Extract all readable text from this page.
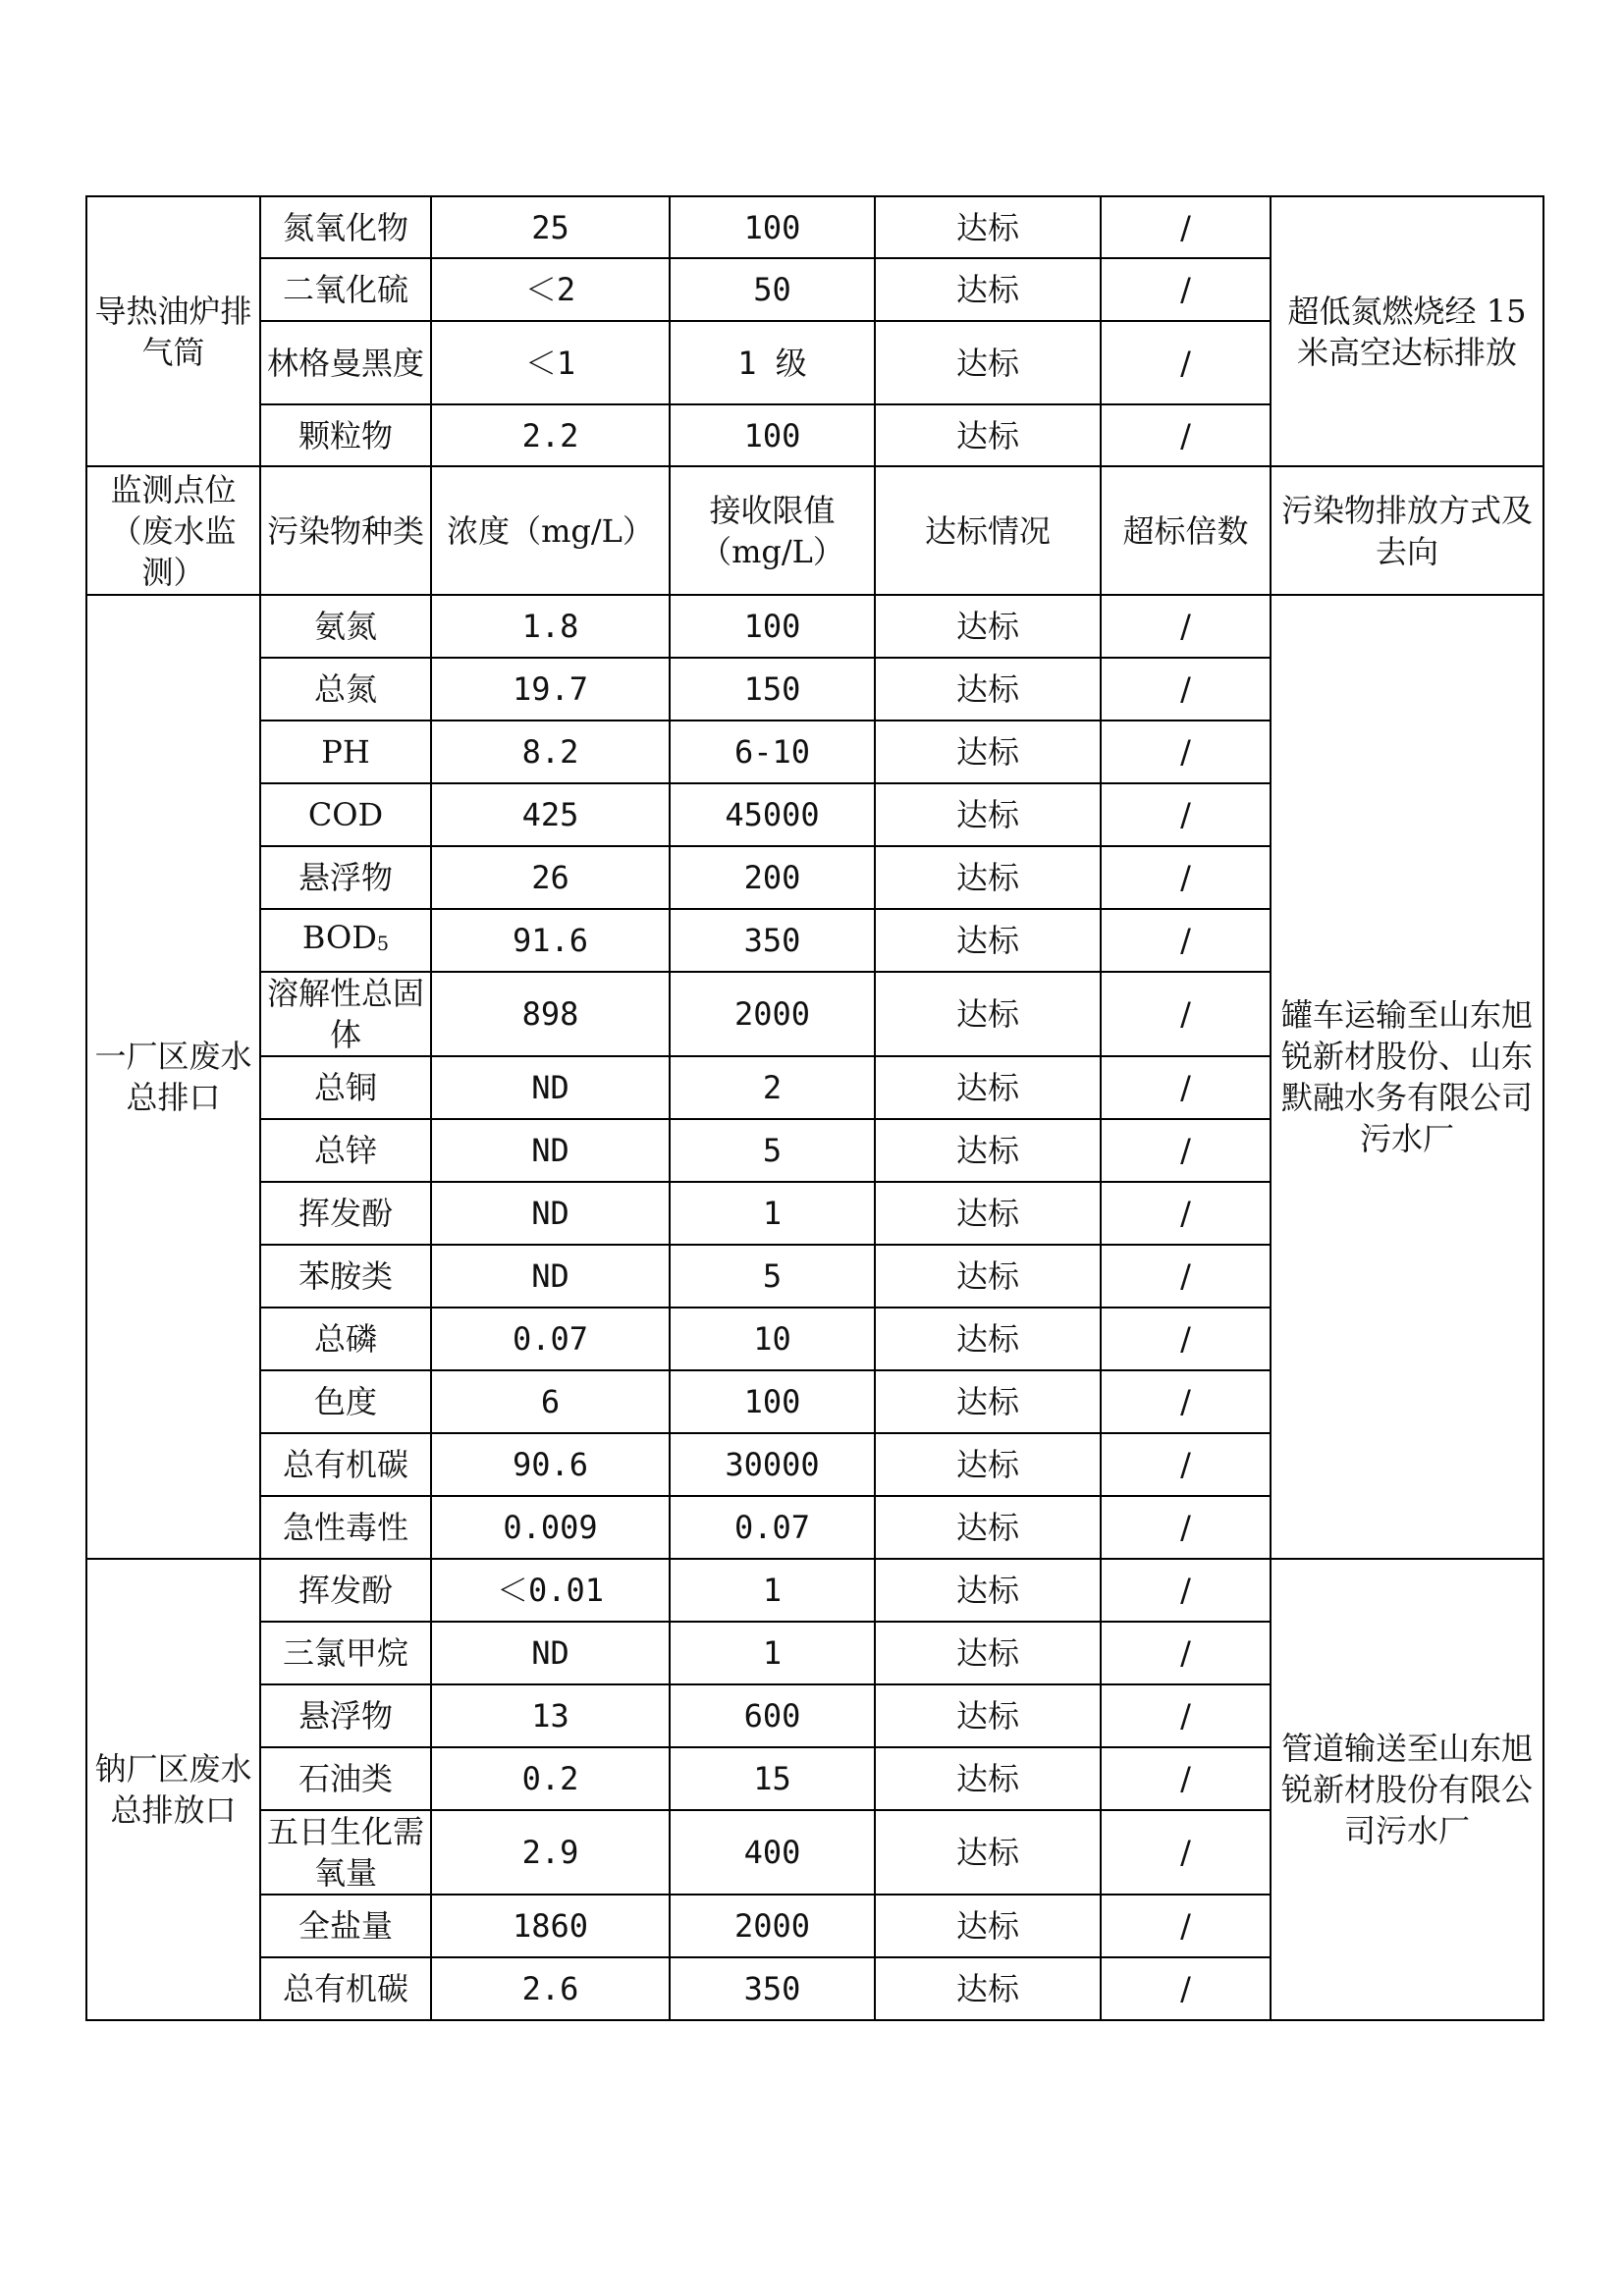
导热油炉排气筒	氮氧化物	25	100	达标	/	超低氮燃烧经 15 米高空达标排放
	二氧化硫	＜2	50	达标	/	
	林格曼黑度	＜1	1 级	达标	/	
	颗粒物	2.2	100	达标	/	
监测点位（废水监测）	污染物种类	浓度（mg/L）	接收限值（mg/L）	达标情况	超标倍数	污染物排放方式及去向
一厂区废水总排口	氨氮	1.8	100	达标	/	罐车运输至山东旭锐新材股份、山东默融水务有限公司污水厂
	总氮	19.7	150	达标	/	
	PH	8.2	6-10	达标	/	
	COD	425	45000	达标	/	
	悬浮物	26	200	达标	/	
	$BOD_5$	91.6	350	达标	/	
	溶解性总固体	898	2000	达标	/	
	总铜	ND	2	达标	/	
	总锌	ND	5	达标	/	
	挥发酚	ND	1	达标	/	
	苯胺类	ND	5	达标	/	
	总磷	0.07	10	达标	/	
	色度	6	100	达标	/	
	总有机碳	90.6	30000	达标	/	
	急性毒性	0.009	0.07	达标	/	
钠厂区废水总排放口	挥发酚	＜0.01	1	达标	/	管道输送至山东旭锐新材股份有限公司污水厂
	三氯甲烷	ND	1	达标	/	
	悬浮物	13	600	达标	/	
	石油类	0.2	15	达标	/	
	五日生化需氧量	2.9	400	达标	/	
	全盐量	1860	2000	达标	/	
	总有机碳	2.6	350	达标	/	
